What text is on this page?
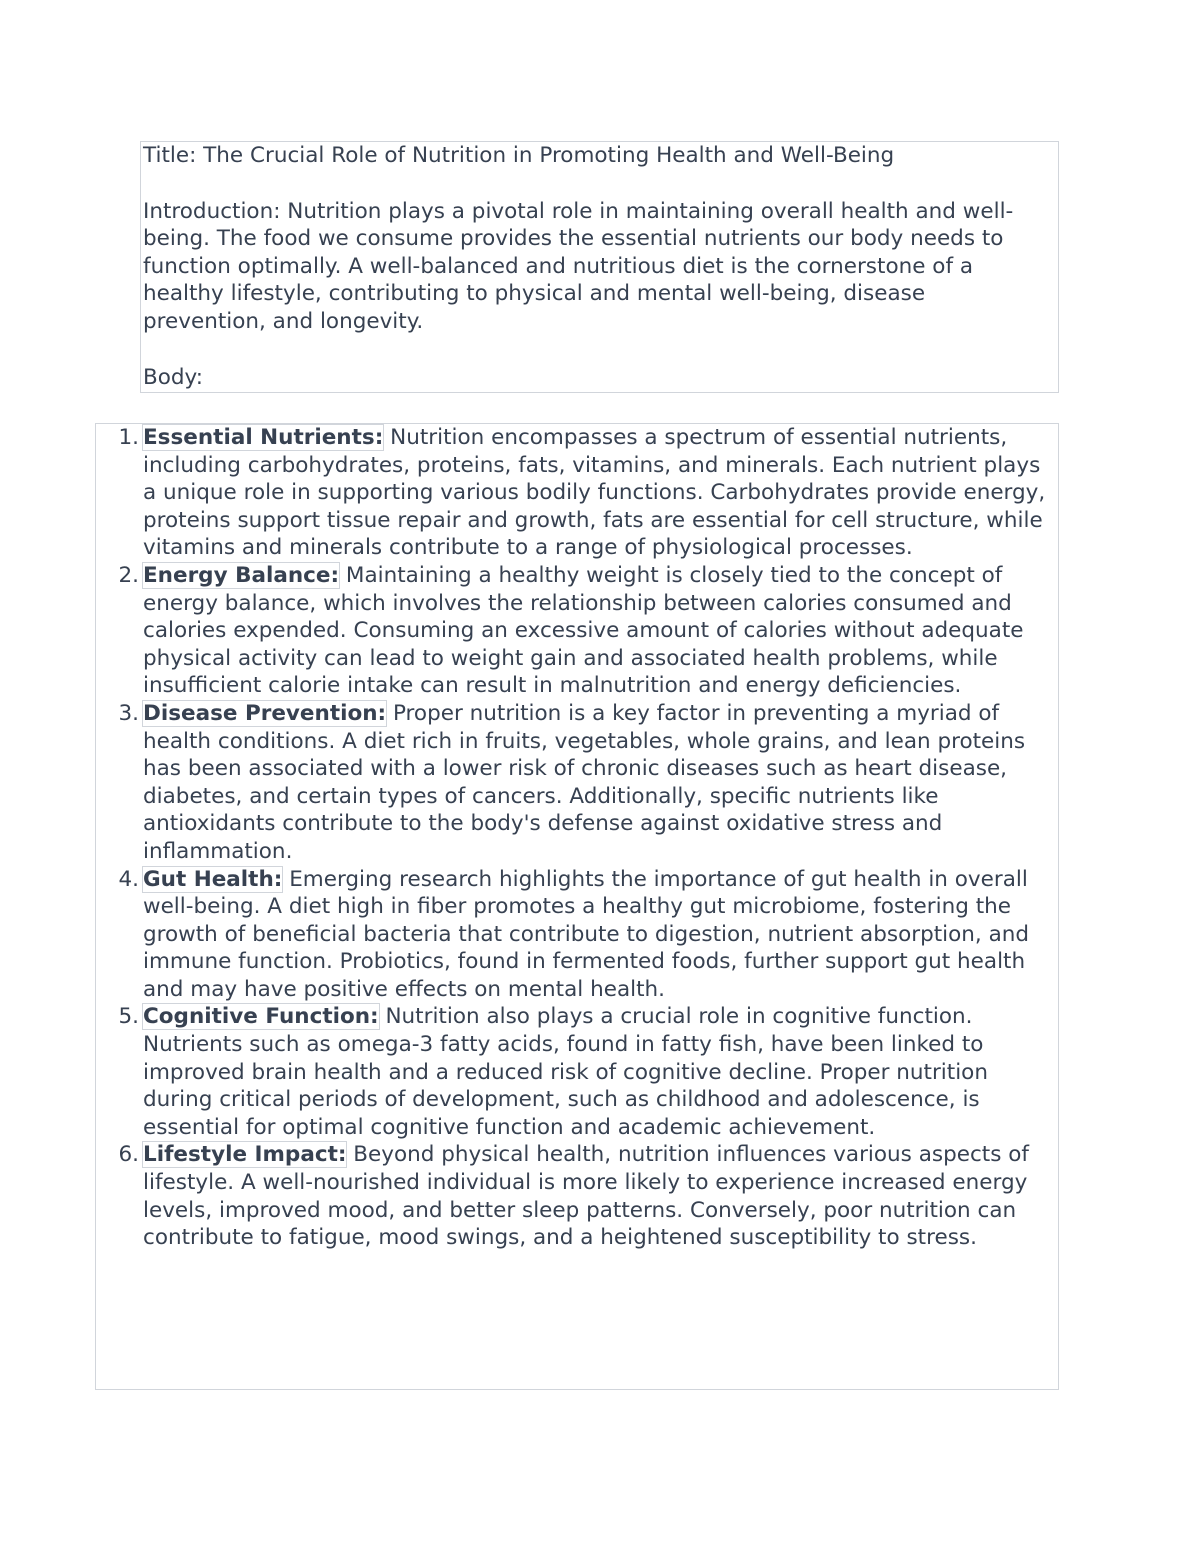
Title: The Crucial Role of Nutrition in Promoting Health and Well-Being

Introduction: Nutrition plays a pivotal role in maintaining overall health and well-being. The food we consume provides the essential nutrients our body needs to function optimally. A well-balanced and nutritious diet is the cornerstone of a healthy lifestyle, contributing to physical and mental well-being, disease prevention, and longevity.

Body:

1. Essential Nutrients: Nutrition encompasses a spectrum of essential nutrients, including carbohydrates, proteins, fats, vitamins, and minerals. Each nutrient plays a unique role in supporting various bodily functions. Carbohydrates provide energy, proteins support tissue repair and growth, fats are essential for cell structure, while vitamins and minerals contribute to a range of physiological processes.
2. Energy Balance: Maintaining a healthy weight is closely tied to the concept of energy balance, which involves the relationship between calories consumed and calories expended. Consuming an excessive amount of calories without adequate physical activity can lead to weight gain and associated health problems, while insufficient calorie intake can result in malnutrition and energy deficiencies.
3. Disease Prevention: Proper nutrition is a key factor in preventing a myriad of health conditions. A diet rich in fruits, vegetables, whole grains, and lean proteins has been associated with a lower risk of chronic diseases such as heart disease, diabetes, and certain types of cancers. Additionally, specific nutrients like antioxidants contribute to the body's defense against oxidative stress and inflammation.
4. Gut Health: Emerging research highlights the importance of gut health in overall well-being. A diet high in fiber promotes a healthy gut microbiome, fostering the growth of beneficial bacteria that contribute to digestion, nutrient absorption, and immune function. Probiotics, found in fermented foods, further support gut health and may have positive effects on mental health.
5. Cognitive Function: Nutrition also plays a crucial role in cognitive function. Nutrients such as omega-3 fatty acids, found in fatty fish, have been linked to improved brain health and a reduced risk of cognitive decline. Proper nutrition during critical periods of development, such as childhood and adolescence, is essential for optimal cognitive function and academic achievement.
6. Lifestyle Impact: Beyond physical health, nutrition influences various aspects of lifestyle. A well-nourished individual is more likely to experience increased energy levels, improved mood, and better sleep patterns. Conversely, poor nutrition can contribute to fatigue, mood swings, and a heightened susceptibility to stress.
